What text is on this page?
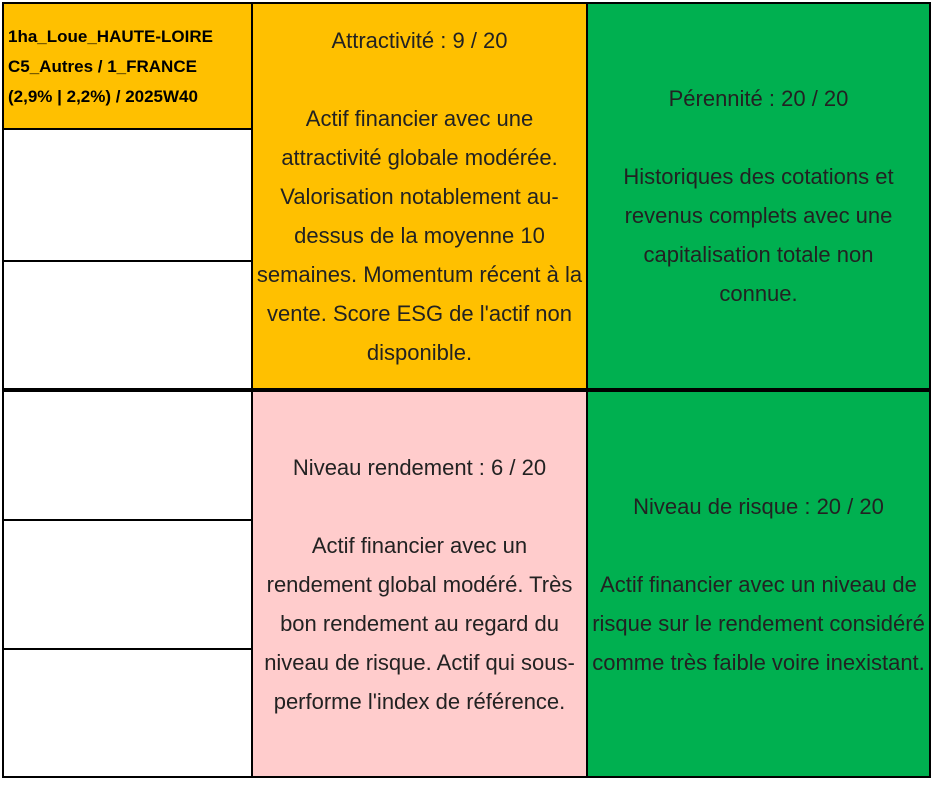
1ha_Loue_HAUTE-LOIRE

C5_Autres / 1_FRANCE

(2,9% | 2,2%) / 2025W40

Attractivité : 9 / 20

Actif financier avec une attractivité globale modérée. Valorisation notablement au-dessus de la moyenne 10 semaines. Momentum récent à la vente. Score ESG de l'actif non disponible.

Pérennité : 20 / 20

Historiques des cotations et revenus complets avec une capitalisation totale non connue.

Niveau rendement : 6 / 20

Actif financier avec un rendement global modéré. Très bon rendement au regard du niveau de risque. Actif qui sous-performe l'index de référence.

Niveau de risque : 20 / 20

Actif financier avec un niveau de risque sur le rendement considéré comme très faible voire inexistant.
